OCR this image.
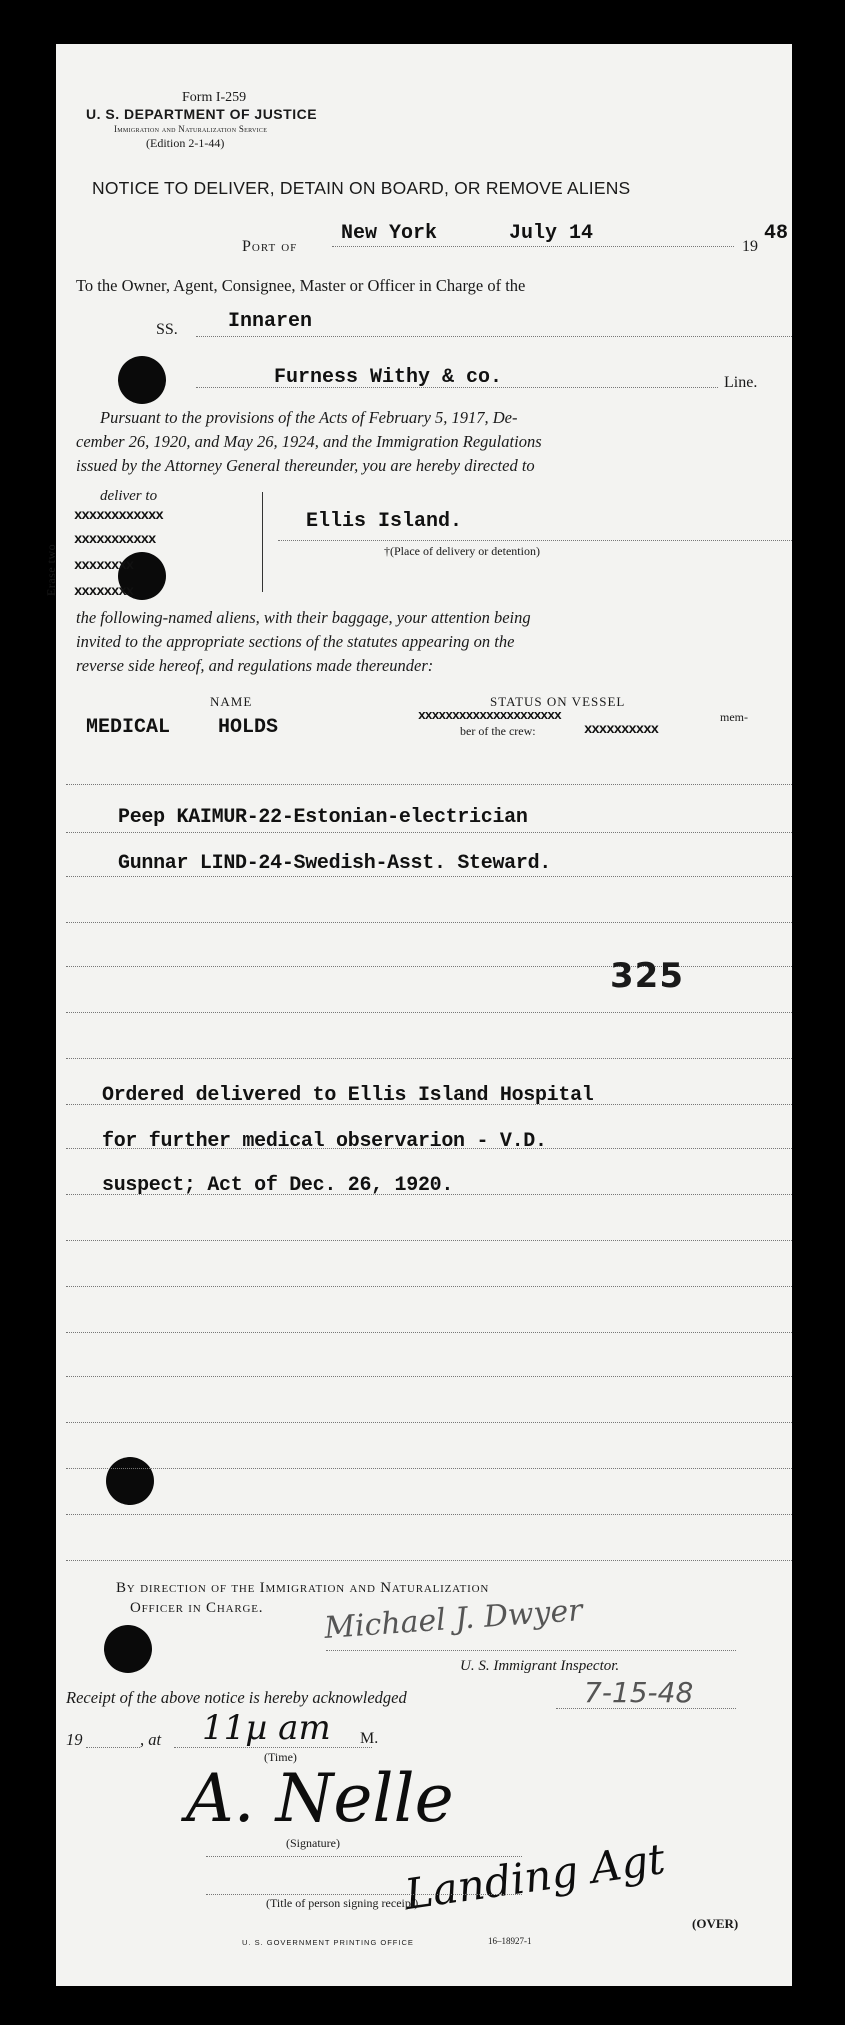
Form I-259
U. S. DEPARTMENT OF JUSTICE
Immigration and Naturalization Service
(Edition 2-1-44)
NOTICE TO DELIVER, DETAIN ON BOARD, OR REMOVE ALIENS
Port of
New York	July 14
19
48
To the Owner, Agent, Consignee, Master or Officer in Charge of the
SS.	Innaren
Furness Withy & co.	Line.
Pursuant to the provisions of the Acts of February 5, 1917, De-
cember 26, 1920, and May 26, 1924, and the Immigration Regulations
issued by the Attorney General thereunder, you are hereby directed to
Erase two
deliver to
xxxxxxxxxxxx
xxxxxxxxxxx
xxxxxxxx
xxxxxxxx
Ellis Island.
†(Place of delivery or detention)
the following-named aliens, with their baggage, your attention being
invited to the appropriate sections of the statutes appearing on the
reverse side hereof, and regulations made thereunder:
NAME	STATUS ON VESSEL
xxxxxxxxxxxxxxxxxxxxx	mem-
ber of the crew:	xxxxxxxxxx
MEDICAL    HOLDS
Peep KAIMUR-22-Estonian-electrician
Gunnar LIND-24-Swedish-Asst. Steward.
325
Ordered delivered to Ellis Island Hospital
for further medical observarion - V.D.
suspect; Act of Dec. 26, 1920.
By direction of the Immigration and Naturalization
Officer in Charge. Michael J. Dwyer
U. S. Immigrant Inspector.
Receipt of the above notice is hereby acknowledged	7-15-48
19	, at 11µ am M.
(Time)
A. Nelle
(Signature) Landing Agt
(Title of person signing receipt)
U. S. GOVERNMENT PRINTING OFFICE	16–18927-1
(OVER)
